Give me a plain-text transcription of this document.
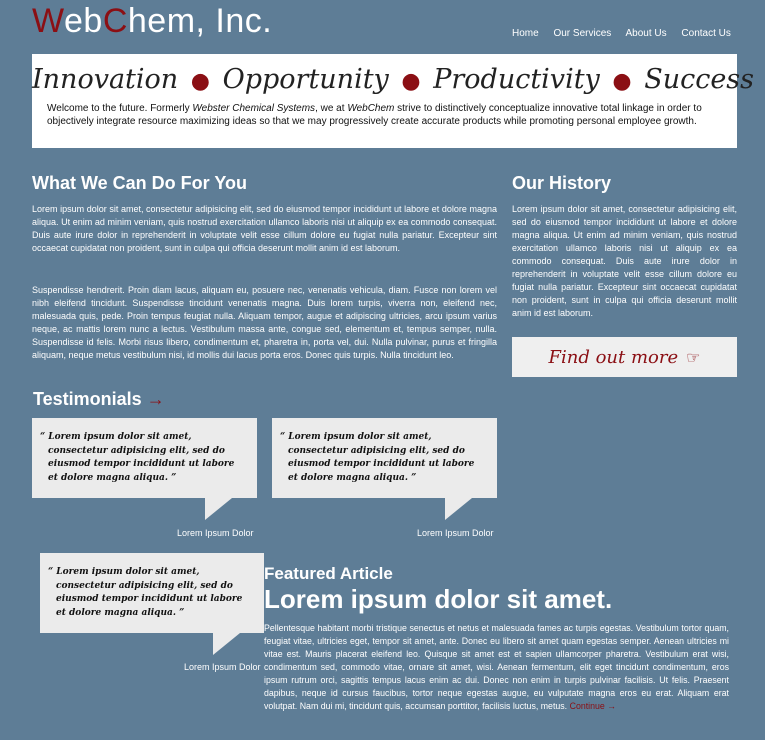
WebChem, Inc.	Home Our Services About Us Contact Us
Innovation ● Opportunity ● Productivity ● Success
Welcome to the future. Formerly Webster Chemical Systems, we at WebChem strive to distinctively conceptualize innovative total linkage in order to objectively integrate resource maximizing ideas so that we may progressively create accurate products while promoting personal employee growth.
What We Can Do For You
Lorem ipsum dolor sit amet, consectetur adipisicing elit, sed do eiusmod tempor incididunt ut labore et dolore magna aliqua. Ut enim ad minim veniam, quis nostrud exercitation ullamco laboris nisi ut aliquip ex ea commodo consequat. Duis aute irure dolor in reprehenderit in voluptate velit esse cillum dolore eu fugiat nulla pariatur. Excepteur sint occaecat cupidatat non proident, sunt in culpa qui officia deserunt mollit anim id est laborum.
Suspendisse hendrerit. Proin diam lacus, aliquam eu, posuere nec, venenatis vehicula, diam. Fusce non lorem vel nibh eleifend tincidunt. Suspendisse tincidunt venenatis magna. Duis lorem turpis, viverra non, eleifend nec, malesuada quis, pede. Proin tempus feugiat nulla. Aliquam tempor, augue et adipiscing ultricies, arcu ipsum varius neque, ac mattis lorem nunc a lectus. Vestibulum massa ante, congue sed, elementum et, tempus semper, nulla. Suspendisse id felis. Morbi risus libero, condimentum et, pharetra in, porta vel, dui. Nulla pulvinar, purus et fringilla aliquam, neque metus vestibulum nisi, id mollis dui lacus porta eros. Donec quis turpis. Nulla tincidunt leo.
Our History
Lorem ipsum dolor sit amet, consectetur adipisicing elit, sed do eiusmod tempor incididunt ut labore et dolore magna aliqua. Ut enim ad minim veniam, quis nostrud exercitation ullamco laboris nisi ut aliquip ex ea commodo consequat. Duis aute irure dolor in reprehenderit in voluptate velit esse cillum dolore eu fugiat nulla pariatur. Excepteur sint occaecat cupidatat non proident, sunt in culpa qui officia deserunt mollit anim id est laborum.
Find out more ☞
Testimonials →
“ Lorem ipsum dolor sit amet, consectetur adipisicing elit, sed do eiusmod tempor incididunt ut labore et dolore magna aliqua. ”
Lorem Ipsum Dolor
“ Lorem ipsum dolor sit amet, consectetur adipisicing elit, sed do eiusmod tempor incididunt ut labore et dolore magna aliqua. ”
Lorem Ipsum Dolor
“ Lorem ipsum dolor sit amet, consectetur adipisicing elit, sed do eiusmod tempor incididunt ut labore et dolore magna aliqua. ”
Lorem Ipsum Dolor
Featured Article
Lorem ipsum dolor sit amet.
Pellentesque habitant morbi tristique senectus et netus et malesuada fames ac turpis egestas. Vestibulum tortor quam, feugiat vitae, ultricies eget, tempor sit amet, ante. Donec eu libero sit amet quam egestas semper. Aenean ultricies mi vitae est. Mauris placerat eleifend leo. Quisque sit amet est et sapien ullamcorper pharetra. Vestibulum erat wisi, condimentum sed, commodo vitae, ornare sit amet, wisi. Aenean fermentum, elit eget tincidunt condimentum, eros ipsum rutrum orci, sagittis tempus lacus enim ac dui. Donec non enim in turpis pulvinar facilisis. Ut felis. Praesent dapibus, neque id cursus faucibus, tortor neque egestas augue, eu vulputate magna eros eu erat. Aliquam erat volutpat. Nam dui mi, tincidunt quis, accumsan porttitor, facilisis luctus, metus. Continue →
